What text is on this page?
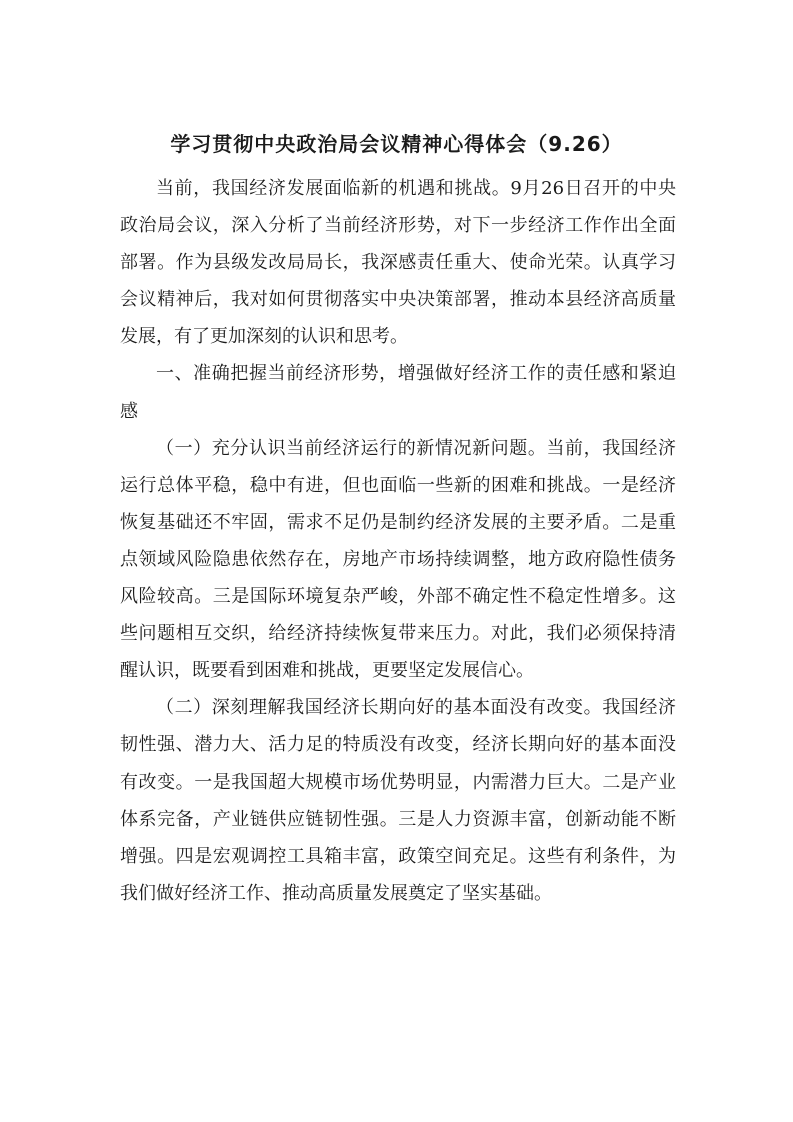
学习贯彻中央政治局会议精神心得体会（9.26）

当前，我国经济发展面临新的机遇和挑战。9月26日召开的中央政治局会议，深入分析了当前经济形势，对下一步经济工作作出全面部署。作为县级发改局局长，我深感责任重大、使命光荣。认真学习会议精神后，我对如何贯彻落实中央决策部署，推动本县经济高质量发展，有了更加深刻的认识和思考。

一、准确把握当前经济形势，增强做好经济工作的责任感和紧迫感

（一）充分认识当前经济运行的新情况新问题。当前，我国经济运行总体平稳，稳中有进，但也面临一些新的困难和挑战。一是经济恢复基础还不牢固，需求不足仍是制约经济发展的主要矛盾。二是重点领域风险隐患依然存在，房地产市场持续调整，地方政府隐性债务风险较高。三是国际环境复杂严峻，外部不确定性不稳定性增多。这些问题相互交织，给经济持续恢复带来压力。对此，我们必须保持清醒认识，既要看到困难和挑战，更要坚定发展信心。

（二）深刻理解我国经济长期向好的基本面没有改变。我国经济韧性强、潜力大、活力足的特质没有改变，经济长期向好的基本面没有改变。一是我国超大规模市场优势明显，内需潜力巨大。二是产业体系完备，产业链供应链韧性强。三是人力资源丰富，创新动能不断增强。四是宏观调控工具箱丰富，政策空间充足。这些有利条件，为我们做好经济工作、推动高质量发展奠定了坚实基础。
